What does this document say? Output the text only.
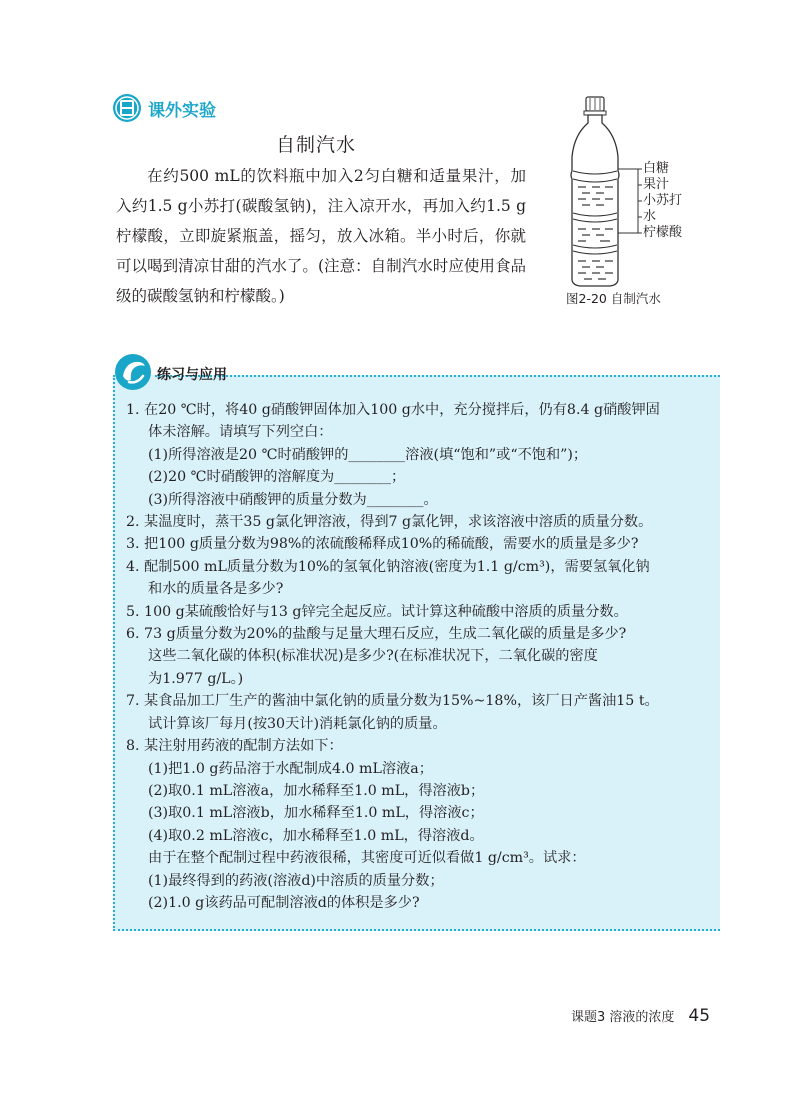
课外实验
自制汽水
在约500 mL的饮料瓶中加入2匀白糖和适量果汁，加入约1.5 g小苏打(碳酸氢钠)，注入凉开水，再加入约1.5 g柠檬酸，立即旋紧瓶盖，摇匀，放入冰箱。半小时后，你就可以喝到清凉甘甜的汽水了。(注意：自制汽水时应使用食品级的碳酸氢钠和柠檬酸。)
白糖
果汁
小苏打
水
柠檬酸
图2-20 自制汽水
练习与应用
1. 在20 ℃时，将40 g硝酸钾固体加入100 g水中，充分搅拌后，仍有8.4 g硝酸钾固
体未溶解。请填写下列空白：
(1)所得溶液是20 ℃时硝酸钾的________溶液(填“饱和”或“不饱和”)；
(2)20 ℃时硝酸钾的溶解度为________；
(3)所得溶液中硝酸钾的质量分数为________。
2. 某温度时，蒸干35 g氯化钾溶液，得到7 g氯化钾，求该溶液中溶质的质量分数。
3. 把100 g质量分数为98%的浓硫酸稀释成10%的稀硫酸，需要水的质量是多少?
4. 配制500 mL质量分数为10%的氢氧化钠溶液(密度为1.1 g/cm³)，需要氢氧化钠
和水的质量各是多少?
5. 100 g某硫酸恰好与13 g锌完全起反应。试计算这种硫酸中溶质的质量分数。
6. 73 g质量分数为20%的盐酸与足量大理石反应，生成二氧化碳的质量是多少?
这些二氧化碳的体积(标准状况)是多少?(在标准状况下，二氧化碳的密度
为1.977 g/L。)
7. 某食品加工厂生产的酱油中氯化钠的质量分数为15%~18%，该厂日产酱油15 t。
试计算该厂每月(按30天计)消耗氯化钠的质量。
8. 某注射用药液的配制方法如下：
(1)把1.0 g药品溶于水配制成4.0 mL溶液a；
(2)取0.1 mL溶液a，加水稀释至1.0 mL，得溶液b；
(3)取0.1 mL溶液b，加水稀释至1.0 mL，得溶液c；
(4)取0.2 mL溶液c，加水稀释至1.0 mL，得溶液d。
由于在整个配制过程中药液很稀，其密度可近似看做1 g/cm³。试求：
(1)最终得到的药液(溶液d)中溶质的质量分数；
(2)1.0 g该药品可配制溶液d的体积是多少?
课题3 溶液的浓度 45
